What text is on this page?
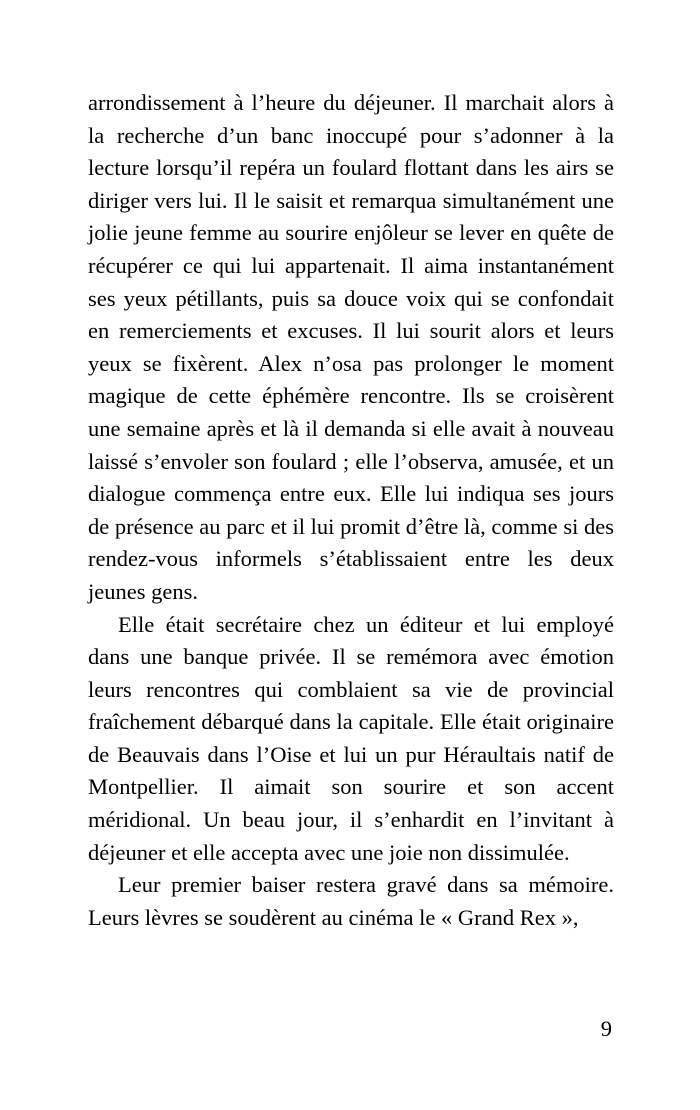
arrondissement à l’heure du déjeuner. Il marchait alors à la recherche d’un banc inoccupé pour s’adonner à la lecture lorsqu’il repéra un foulard flottant dans les airs se diriger vers lui. Il le saisit et remarqua simultanément une jolie jeune femme au sourire enjôleur se lever en quête de récupérer ce qui lui appartenait. Il aima instantanément ses yeux pétillants, puis sa douce voix qui se confondait en remerciements et excuses. Il lui sourit alors et leurs yeux se fixèrent. Alex n’osa pas prolonger le moment magique de cette éphémère rencontre. Ils se croisèrent une semaine après et là il demanda si elle avait à nouveau laissé s’envoler son foulard ; elle l’observa, amusée, et un dialogue commença entre eux. Elle lui indiqua ses jours de présence au parc et il lui promit d’être là, comme si des rendez-vous informels s’établissaient entre les deux jeunes gens.

Elle était secrétaire chez un éditeur et lui employé dans une banque privée. Il se remémora avec émotion leurs rencontres qui comblaient sa vie de provincial fraîchement débarqué dans la capitale. Elle était originaire de Beauvais dans l’Oise et lui un pur Héraultais natif de Montpellier. Il aimait son sourire et son accent méridional. Un beau jour, il s’enhardit en l’invitant à déjeuner et elle accepta avec une joie non dissimulée.

Leur premier baiser restera gravé dans sa mémoire. Leurs lèvres se soudèrent au cinéma le « Grand Rex »,

9
